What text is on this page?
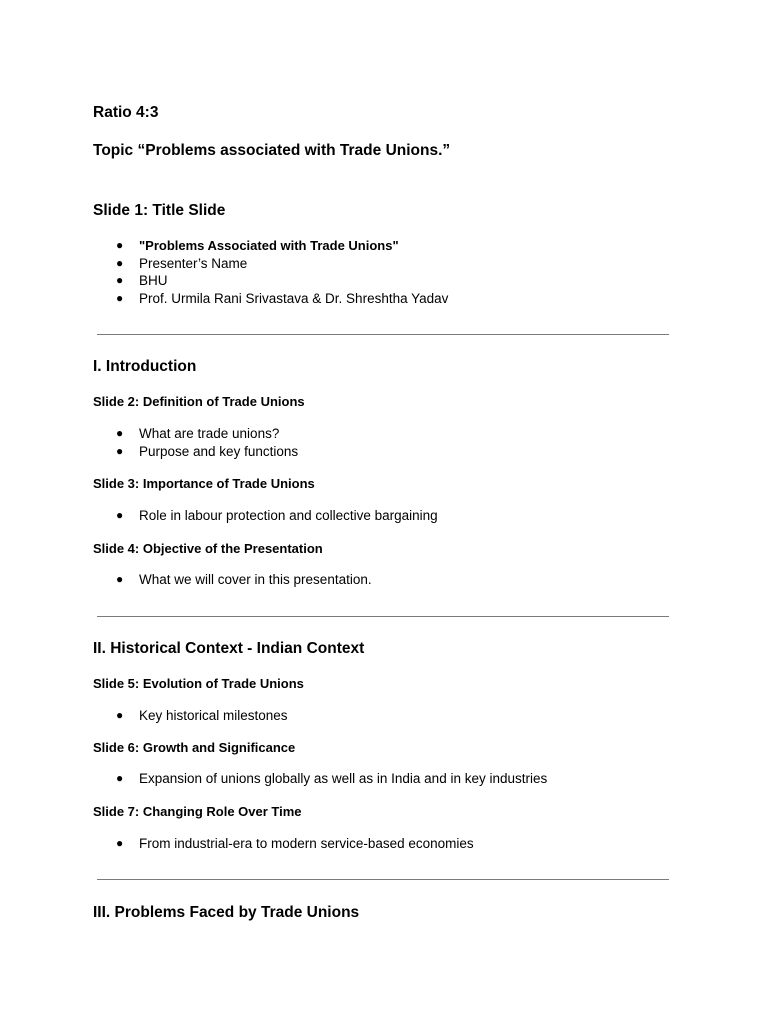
Ratio 4:3

Topic “Problems associated with Trade Unions.”

Slide 1: Title Slide

● "Problems Associated with Trade Unions"
● Presenter’s Name
● BHU
● Prof. Urmila Rani Srivastava & Dr. Shreshtha Yadav

I. Introduction

Slide 2: Definition of Trade Unions

● What are trade unions?
● Purpose and key functions

Slide 3: Importance of Trade Unions

● Role in labour protection and collective bargaining

Slide 4: Objective of the Presentation

● What we will cover in this presentation.

II. Historical Context - Indian Context

Slide 5: Evolution of Trade Unions

● Key historical milestones

Slide 6: Growth and Significance

● Expansion of unions globally as well as in India and in key industries

Slide 7: Changing Role Over Time

● From industrial-era to modern service-based economies

III. Problems Faced by Trade Unions
